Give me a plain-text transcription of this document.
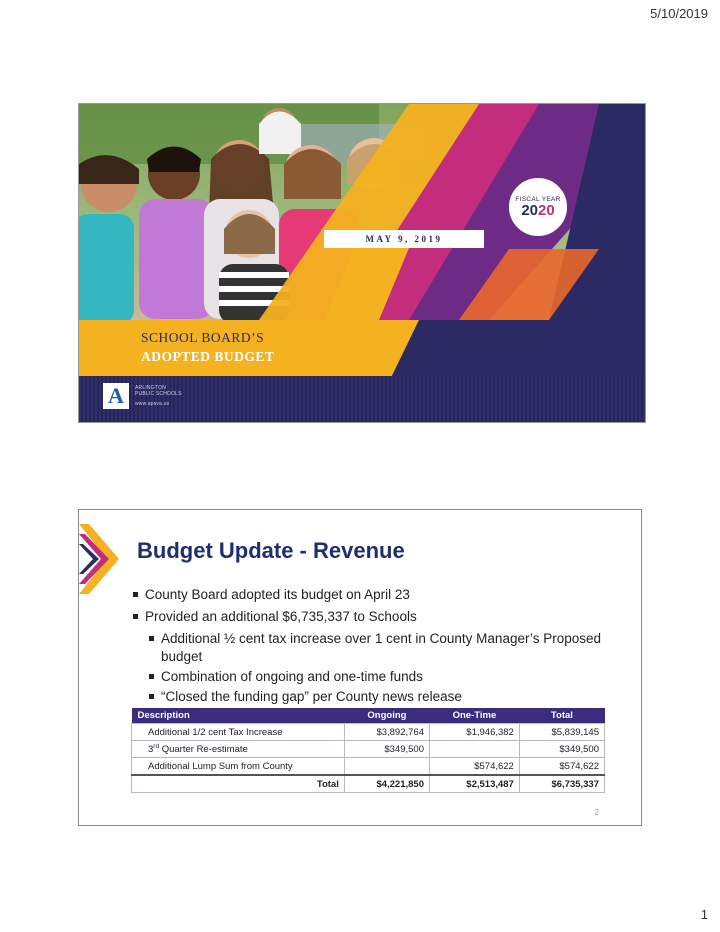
5/10/2019
MAY 9, 2019
FISCAL YEAR
2020
SCHOOL BOARD’S
ADOPTED BUDGET
A	ARLINGTON
PUBLIC SCHOOLS
www.apsva.us
Budget Update - Revenue
County Board adopted its budget on April 23
Provided an additional $6,735,337 to Schools
Additional ½ cent tax increase over 1 cent in County Manager’s Proposed budget
Combination of ongoing and one-time funds
“Closed the funding gap” per County news release
Description	Ongoing	One-Time	Total
Additional 1/2 cent Tax Increase	$3,892,764	$1,946,382	$5,839,145
3rd Quarter Re-estimate	$349,500		$349,500
Additional Lump Sum from County		$574,622	$574,622
Total	$4,221,850	$2,513,487	$6,735,337
2
1
